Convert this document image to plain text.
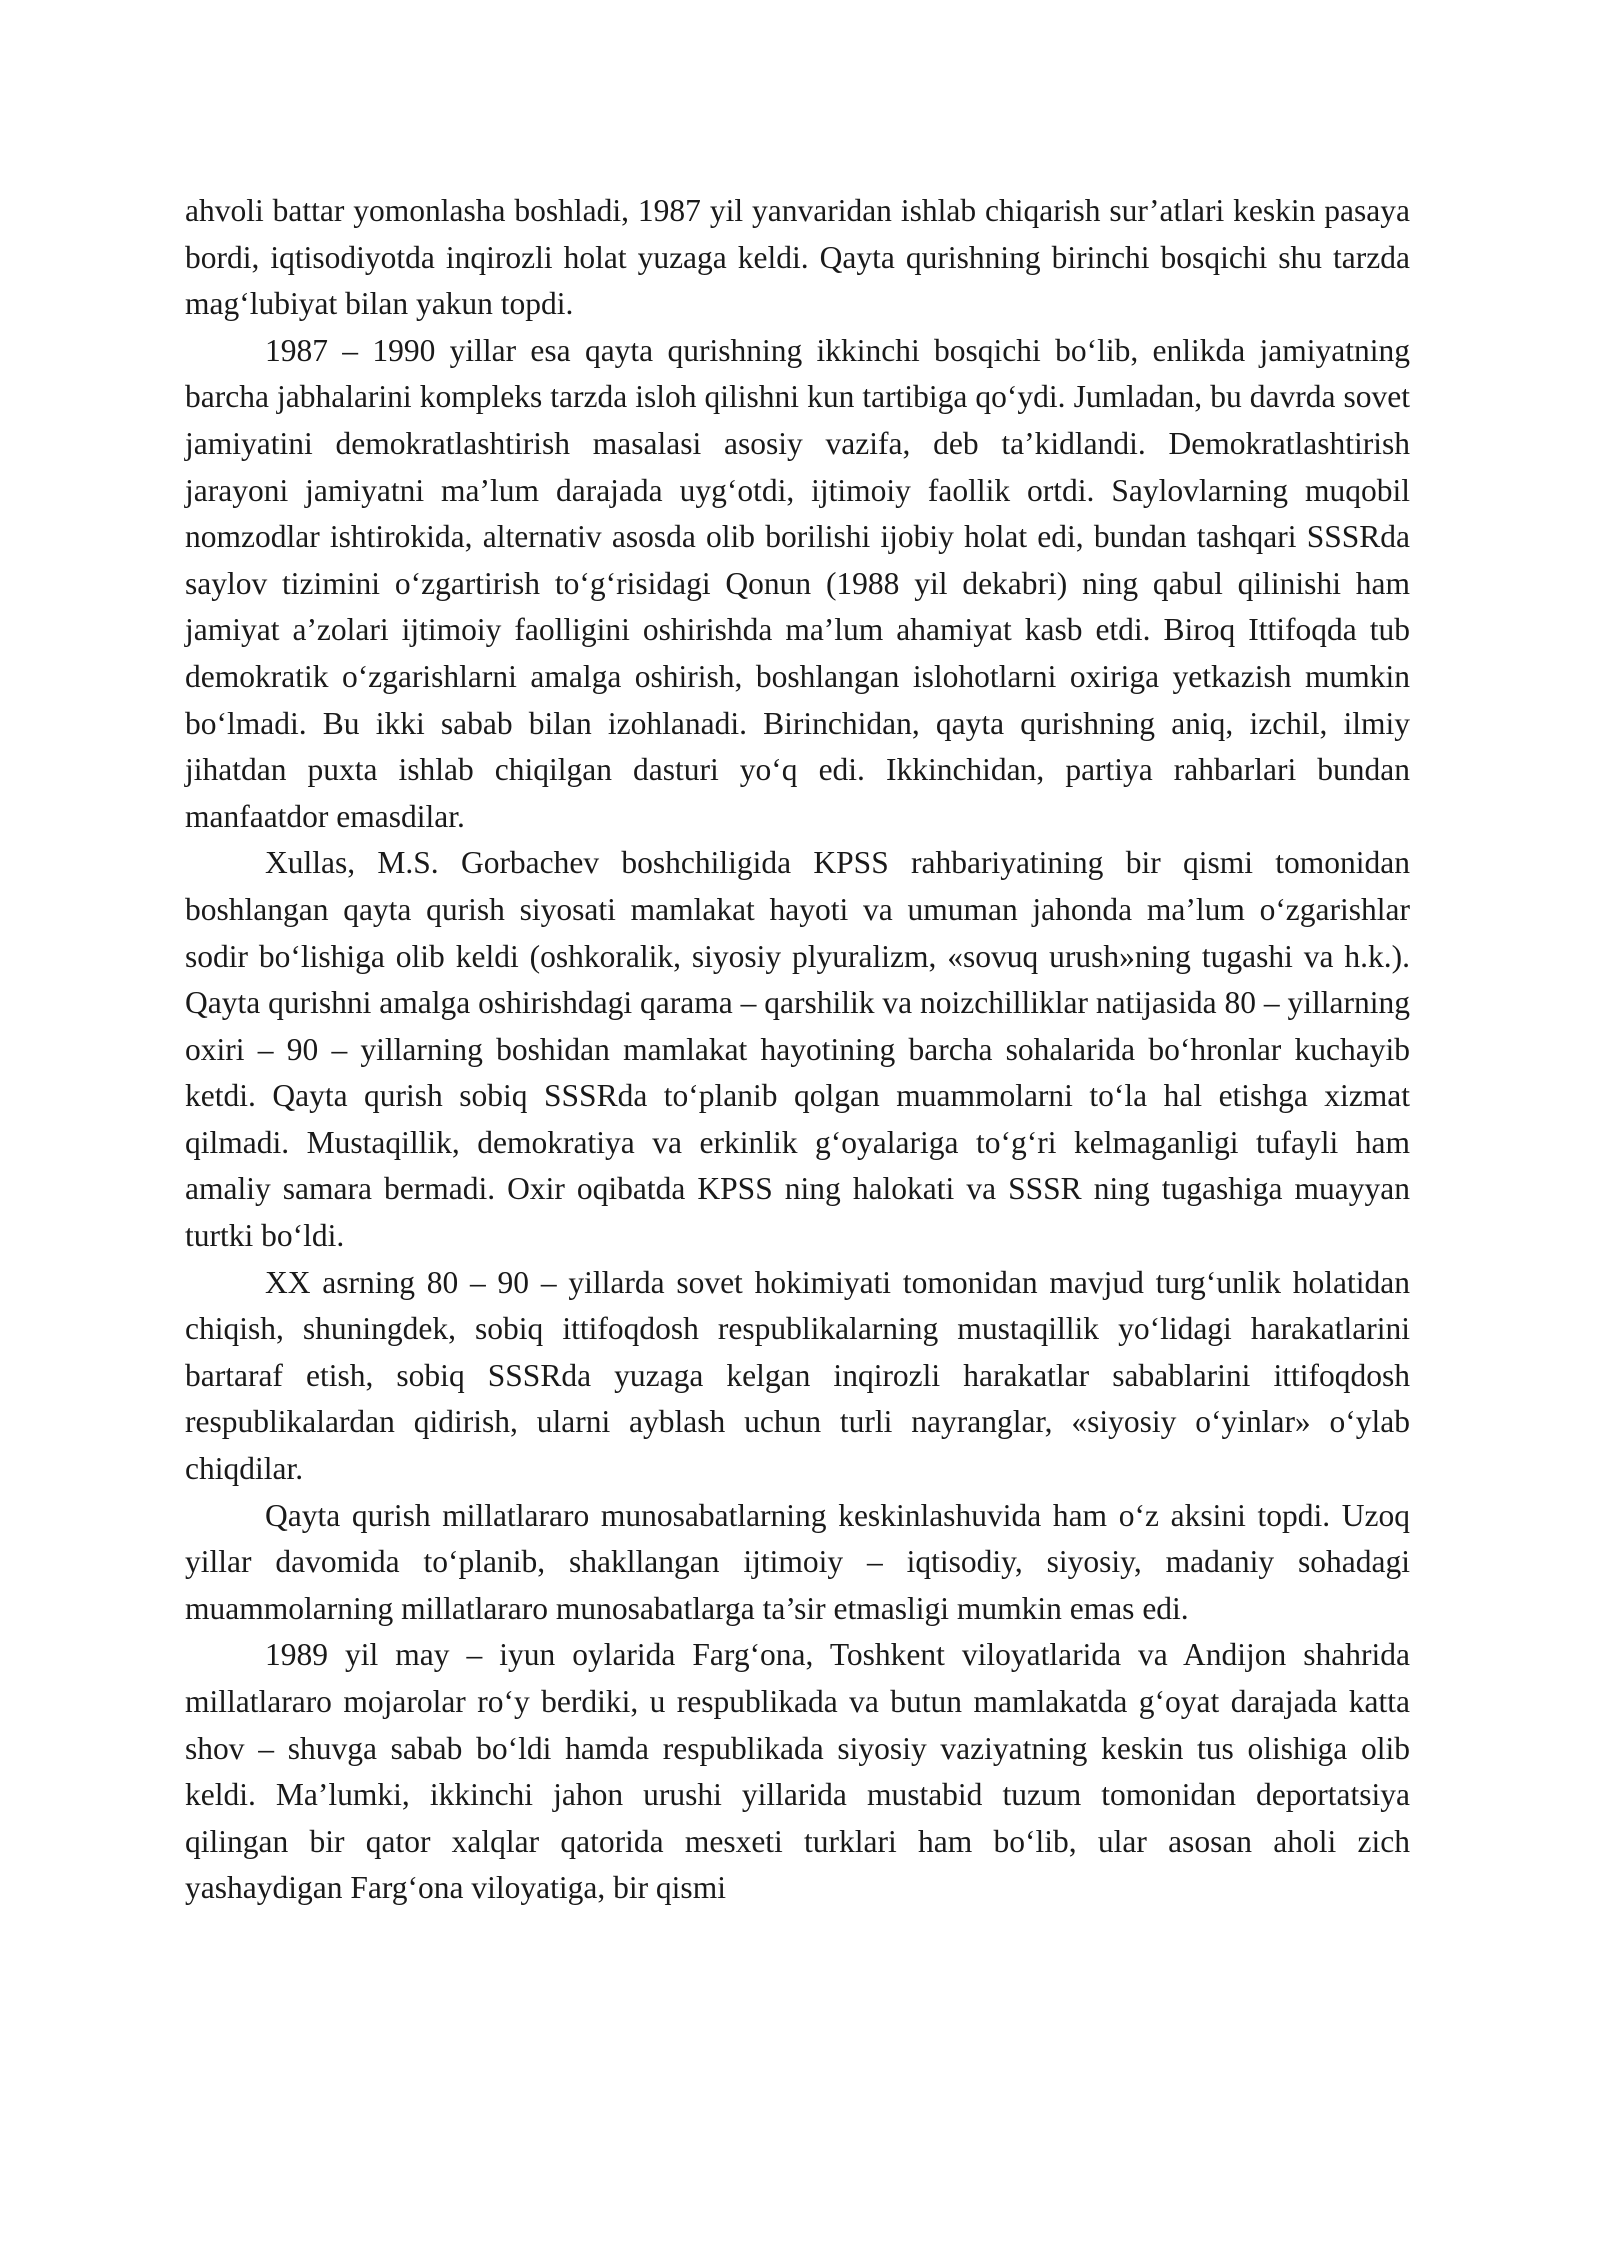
ahvoli battar yomonlasha boshladi, 1987 yil yanvaridan ishlab chiqarish sur’atlari keskin pasaya bordi, iqtisodiyotda inqirozli holat yuzaga keldi. Qayta qurishning birinchi bosqichi shu tarzda mag‘lubiyat bilan yakun topdi.

1987 – 1990 yillar esa qayta qurishning ikkinchi bosqichi bo‘lib, enlikda jamiyatning barcha jabhalarini kompleks tarzda isloh qilishni kun tartibiga qo‘ydi. Jumladan, bu davrda sovet jamiyatini demokratlashtirish masalasi asosiy vazifa, deb ta’kidlandi. Demokratlashtirish jarayoni jamiyatni ma’lum darajada uyg‘otdi, ijtimoiy faollik ortdi. Saylovlarning muqobil nomzodlar ishtirokida, alternativ asosda olib borilishi ijobiy holat edi, bundan tashqari SSSRda saylov tizimini o‘zgartirish to‘g‘risidagi Qonun (1988 yil dekabri) ning qabul qilinishi ham jamiyat a’zolari ijtimoiy faolligini oshirishda ma’lum ahamiyat kasb etdi. Biroq Ittifoqda tub demokratik o‘zgarishlarni amalga oshirish, boshlangan islohotlarni oxiriga yetkazish mumkin bo‘lmadi. Bu ikki sabab bilan izohlanadi. Birinchidan, qayta qurishning aniq, izchil, ilmiy jihatdan puxta ishlab chiqilgan dasturi yo‘q edi. Ikkinchidan, partiya rahbarlari bundan manfaatdor emasdilar.

Xullas, M.S. Gorbachev boshchiligida KPSS rahbariyatining bir qismi tomonidan boshlangan qayta qurish siyosati mamlakat hayoti va umuman jahonda ma’lum o‘zgarishlar sodir bo‘lishiga olib keldi (oshkoralik, siyosiy plyuralizm, «sovuq urush»ning tugashi va h.k.). Qayta qurishni amalga oshirishdagi qarama – qarshilik va noizchilliklar natijasida 80 – yillarning oxiri – 90 – yillarning boshidan mamlakat hayotining barcha sohalarida bo‘hronlar kuchayib ketdi. Qayta qurish sobiq SSSRda to‘planib qolgan muammolarni to‘la hal etishga xizmat qilmadi. Mustaqillik, demokratiya va erkinlik g‘oyalariga to‘g‘ri kelmaganligi tufayli ham amaliy samara bermadi. Oxir oqibatda KPSS ning halokati va SSSR ning tugashiga muayyan turtki bo‘ldi.

XX asrning 80 – 90 – yillarda sovet hokimiyati tomonidan mavjud turg‘unlik holatidan chiqish, shuningdek, sobiq ittifoqdosh respublikalarning mustaqillik yo‘lidagi harakatlarini bartaraf etish, sobiq SSSRda yuzaga kelgan inqirozli harakatlar sabablarini ittifoqdosh respublikalardan qidirish, ularni ayblash uchun turli nayranglar, «siyosiy o‘yinlar» o‘ylab chiqdilar.

Qayta qurish millatlararo munosabatlarning keskinlashuvida ham o‘z aksini topdi. Uzoq yillar davomida to‘planib, shakllangan ijtimoiy – iqtisodiy, siyosiy, madaniy sohadagi muammolarning millatlararo munosabatlarga ta’sir etmasligi mumkin emas edi.

1989 yil may – iyun oylarida Farg‘ona, Toshkent viloyatlarida va Andijon shahrida millatlararo mojarolar ro‘y berdiki, u respublikada va butun mamlakatda g‘oyat darajada katta shov – shuvga sabab bo‘ldi hamda respublikada siyosiy vaziyatning keskin tus olishiga olib keldi. Ma’lumki, ikkinchi jahon urushi yillarida mustabid tuzum tomonidan deportatsiya qilingan bir qator xalqlar qatorida mesxeti turklari ham bo‘lib, ular asosan aholi zich yashaydigan Farg‘ona viloyatiga, bir qismi
